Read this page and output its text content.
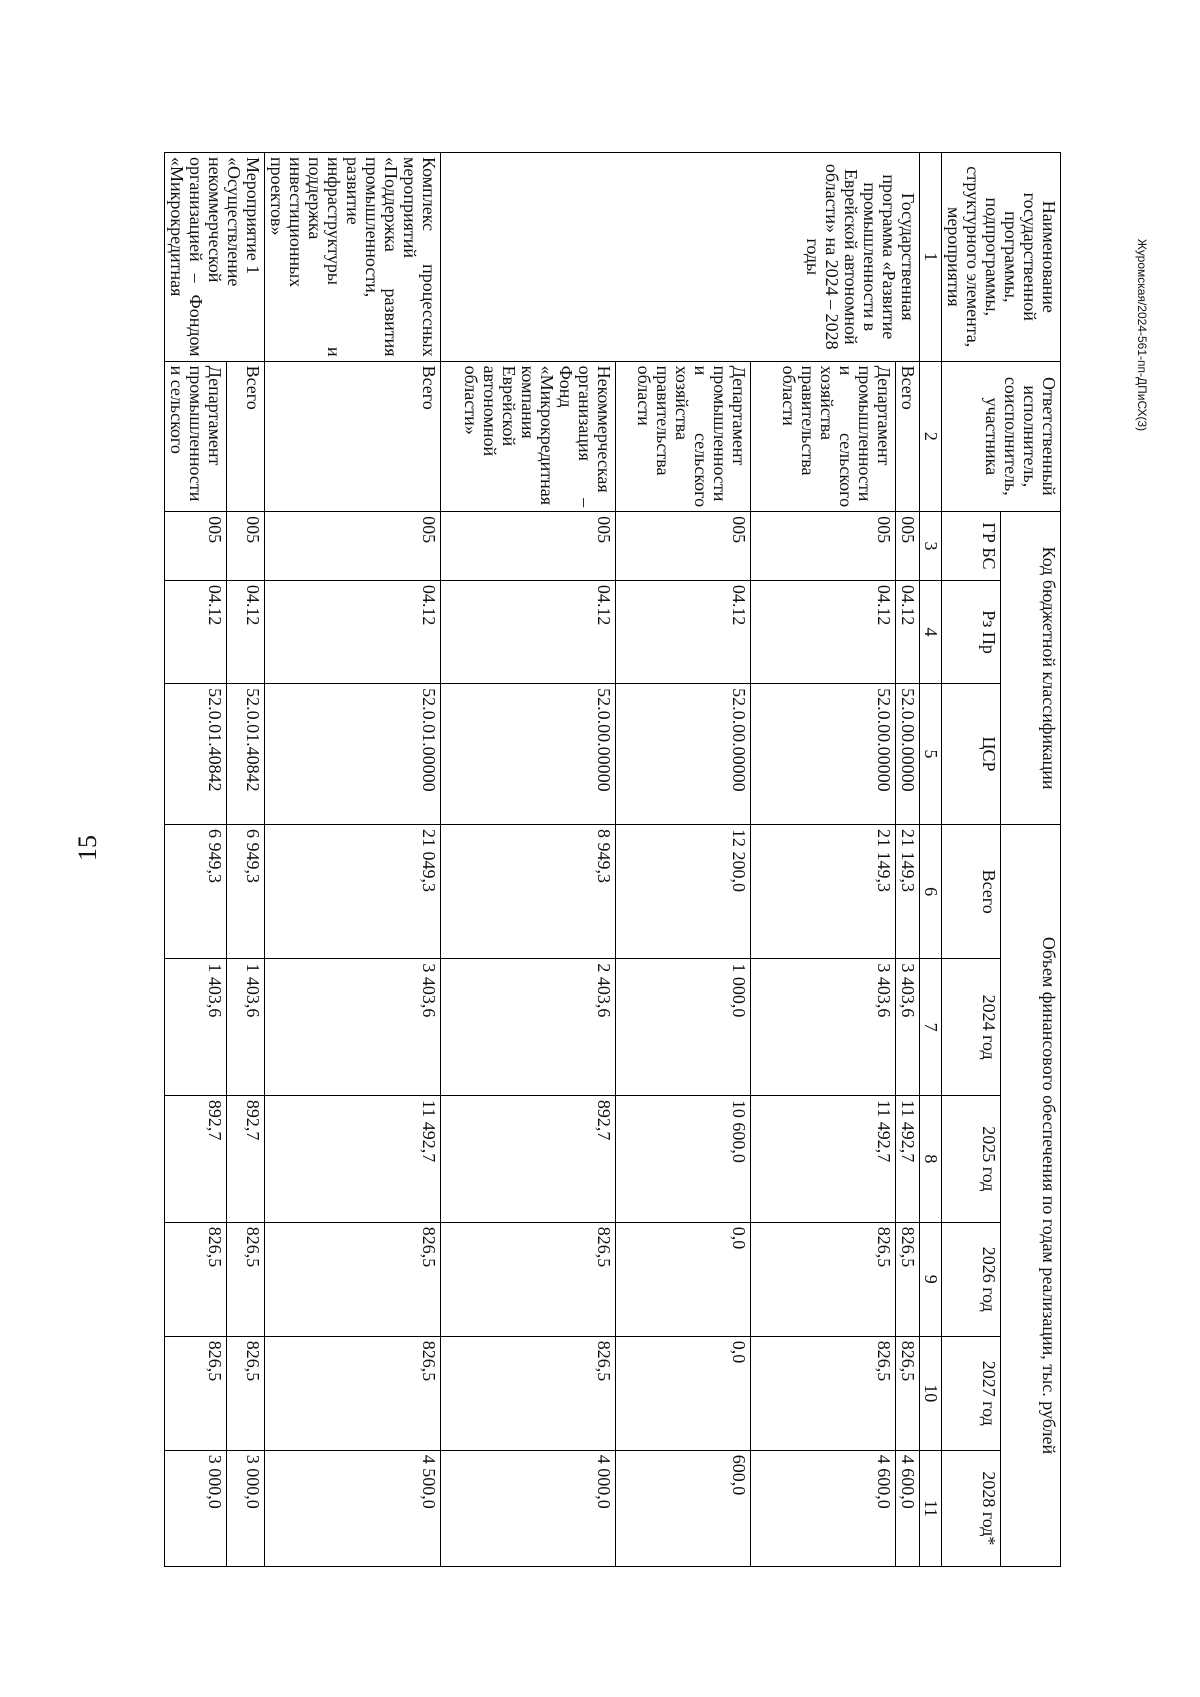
15
Журомская/2024-561-пп-ДПиСХ(3)
Наименование государственной программы, подпрограммы, структурного элемента, мероприятия	Ответственный исполнитель, соисполнитель, участника	Код бюджетной классификации			Объем финансового обеспечения по годам реализации, тыс. рублей					
		ГР БС	Рз Пр	ЦСР	Всего	2024 год	2025 год	2026 год	2027 год	2028 год*
1	2	3	4	5	6	7	8	9	10	11
Государственная программа «Развитие промышленности в Еврейской автономной области» на 2024 – 2028 годы	Всего	005	04.12	52.0.00.00000	21 149,3	3 403,6	11 492,7	826,5	826,5	4 600,0
	Департамент промышленности и сельского хозяйства правительства области	005	04.12	52.0.00.00000	21 149,3	3 403,6	11 492,7	826,5	826,5	4 600,0
	Департамент промышленности и сельского хозяйства правительства области	005	04.12	52.0.00.00000	12 200,0	1 000,0	10 600,0	0,0	0,0	600,0
	Некоммерческая организация – Фонд «Микрокредитная компания Еврейской автономной области»	005	04.12	52.0.00.00000	8 949,3	2 403,6	892,7	826,5	826,5	4 000,0
Комплекс процессных мероприятий «Поддержка развития промышленности, развитие инфраструктуры и поддержка инвестиционных проектов»	Всего	005	04.12	52.0.01.00000	21 049,3	3 403,6	11 492,7	826,5	826,5	4 500,0

Мероприятие 1
«Осуществление некоммерческой организацией – Фондом «Микрокредитная	Всего	005	04.12	52.0.01.40842	6 949,3	1 403,6	892,7	826,5	826,5	3 000,0
	Департамент промышленности и сельского	005	04.12	52.0.01.40842	6 949,3	1 403,6	892,7	826,5	826,5	3 000,0
